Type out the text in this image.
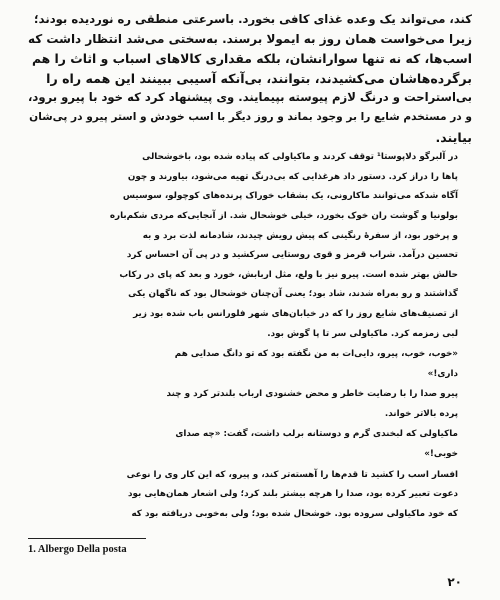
کند، می‌تواند یک وعده غذای کافی بخورد. باسرعتی منطقی ره نوردیده بودند؛
زیرا می‌خواست همان روز به ایمولا برسند. به‌سختی می‌شد انتظار داشت که
اسب‌ها، که نه تنها سوارانشان، بلکه مقداری کالاهای اسباب و اثاث را هم
برگرده‌هاشان می‌کشیدند، بتوانند، بی‌آنکه آسیبی ببینند این همه راه را
بی‌استراحت و درنگ لازم پیوسته بپیمایند. وی پیشنهاد کرد که خود با پیرو برود،
و در مستخدم شایع را بر وجود بماند و روز دیگر با اسب خودش و استر پیرو در پی‌شان
بیایند.

در آلبرگو دلاپوستا¹ توقف کردند و ماکیاولی که پیاده شده بود، باخوشحالی
پاها را دراز کرد. دستور داد هرغذایی که بی‌درنگ تهیه می‌شود، بیاورند و چون
آگاه شدکه می‌توانند ماکارونی، یک بشقاب خوراک پرنده‌های کوچولو، سوسیس
بولونیا و گوشت ران خوک بخورد، خیلی خوشحال شد. از آنجایی‌که مردی شکم‌باره
و پرخور بود، از سفرهٔ رنگینی که پیش رویش چیدند، شادمانه لذت برد و به
تحسین درآمد. شراب قرمز و قوی روستایی سرکشید و در پی آن احساس کرد
حالش بهتر شده است. پیرو نیز با ولع، مثل اربابش، خورد و بعد که پای در رکاب
گذاشتند و رو به‌راه شدند، شاد بود؛ یعنی آن‌چنان خوشحال بود که ناگهان یکی
از تصنیف‌های شایع روز را که در خیابان‌های شهر فلورانس باب شده بود زیر
لبی زمزمه کرد. ماکیاولی سر تا پا گوش بود.

«خوب، خوب، پیرو، دایی‌ات به من نگفته بود که تو دانگ صدایی هم
داری!»

پیرو صدا را با رضایت خاطر و محض خشنودی ارباب بلندتر کرد و چند
پرده بالاتر خواند.

ماکیاولی که لبخندی گرم و دوستانه برلب داشت، گفت: «چه صدای
خوبی!»

افسار اسب را کشید تا قدم‌ها را آهسته‌تر کند، و پیرو، که این کار وی را نوعی
دعوت تعبیر کرده بود، صدا را هرچه بیشتر بلند کرد؛ ولی اشعار همان‌هایی بود
که خود ماکیاولی سروده بود. خوشحال شده بود؛ ولی به‌خوبی دریافته بود که

1. Albergo Della posta
۲۰
